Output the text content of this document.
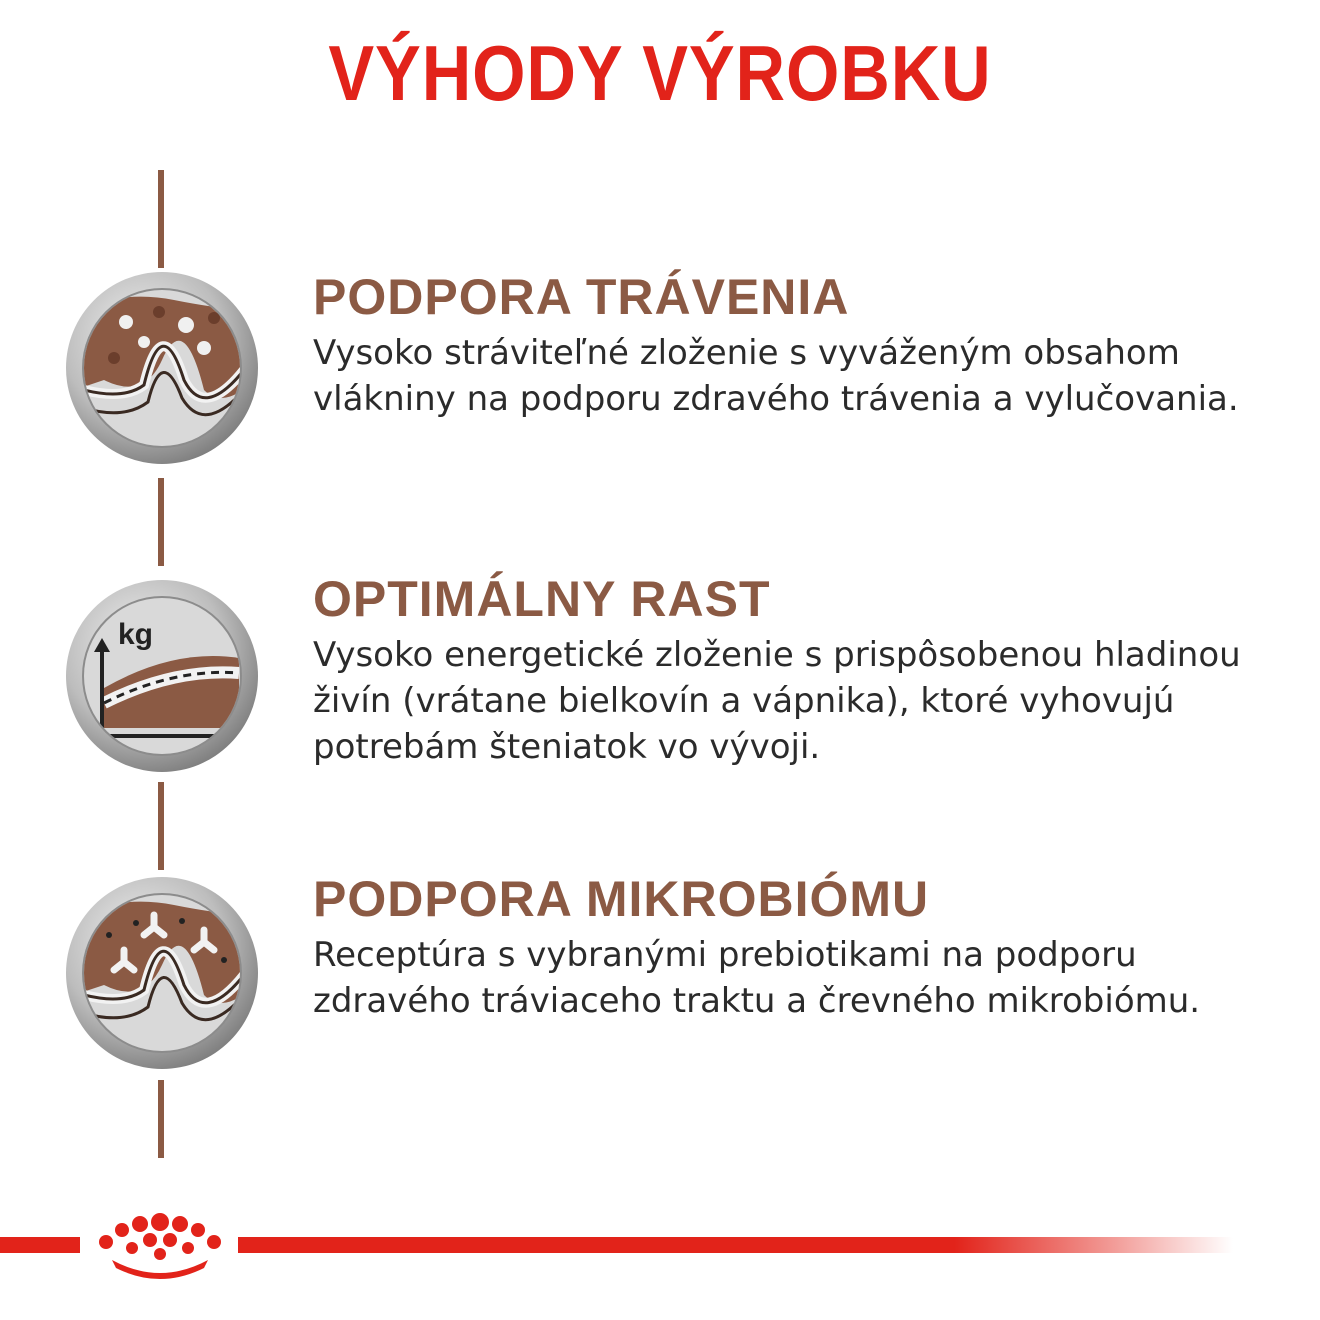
VÝHODY VÝROBKU
kg
PODPORA TRÁVENIA

Vysoko stráviteľné zloženie s vyváženým obsahom
vlákniny na podporu zdravého trávenia a vylučovania.

OPTIMÁLNY RAST

Vysoko energetické zloženie s prispôsobenou hladinou
živín (vrátane bielkovín a vápnika), ktoré vyhovujú
potrebám šteniatok vo vývoji.

PODPORA MIKROBIÓMU

Receptúra s vybranými prebiotikami na podporu
zdravého tráviaceho traktu a črevného mikrobiómu.
